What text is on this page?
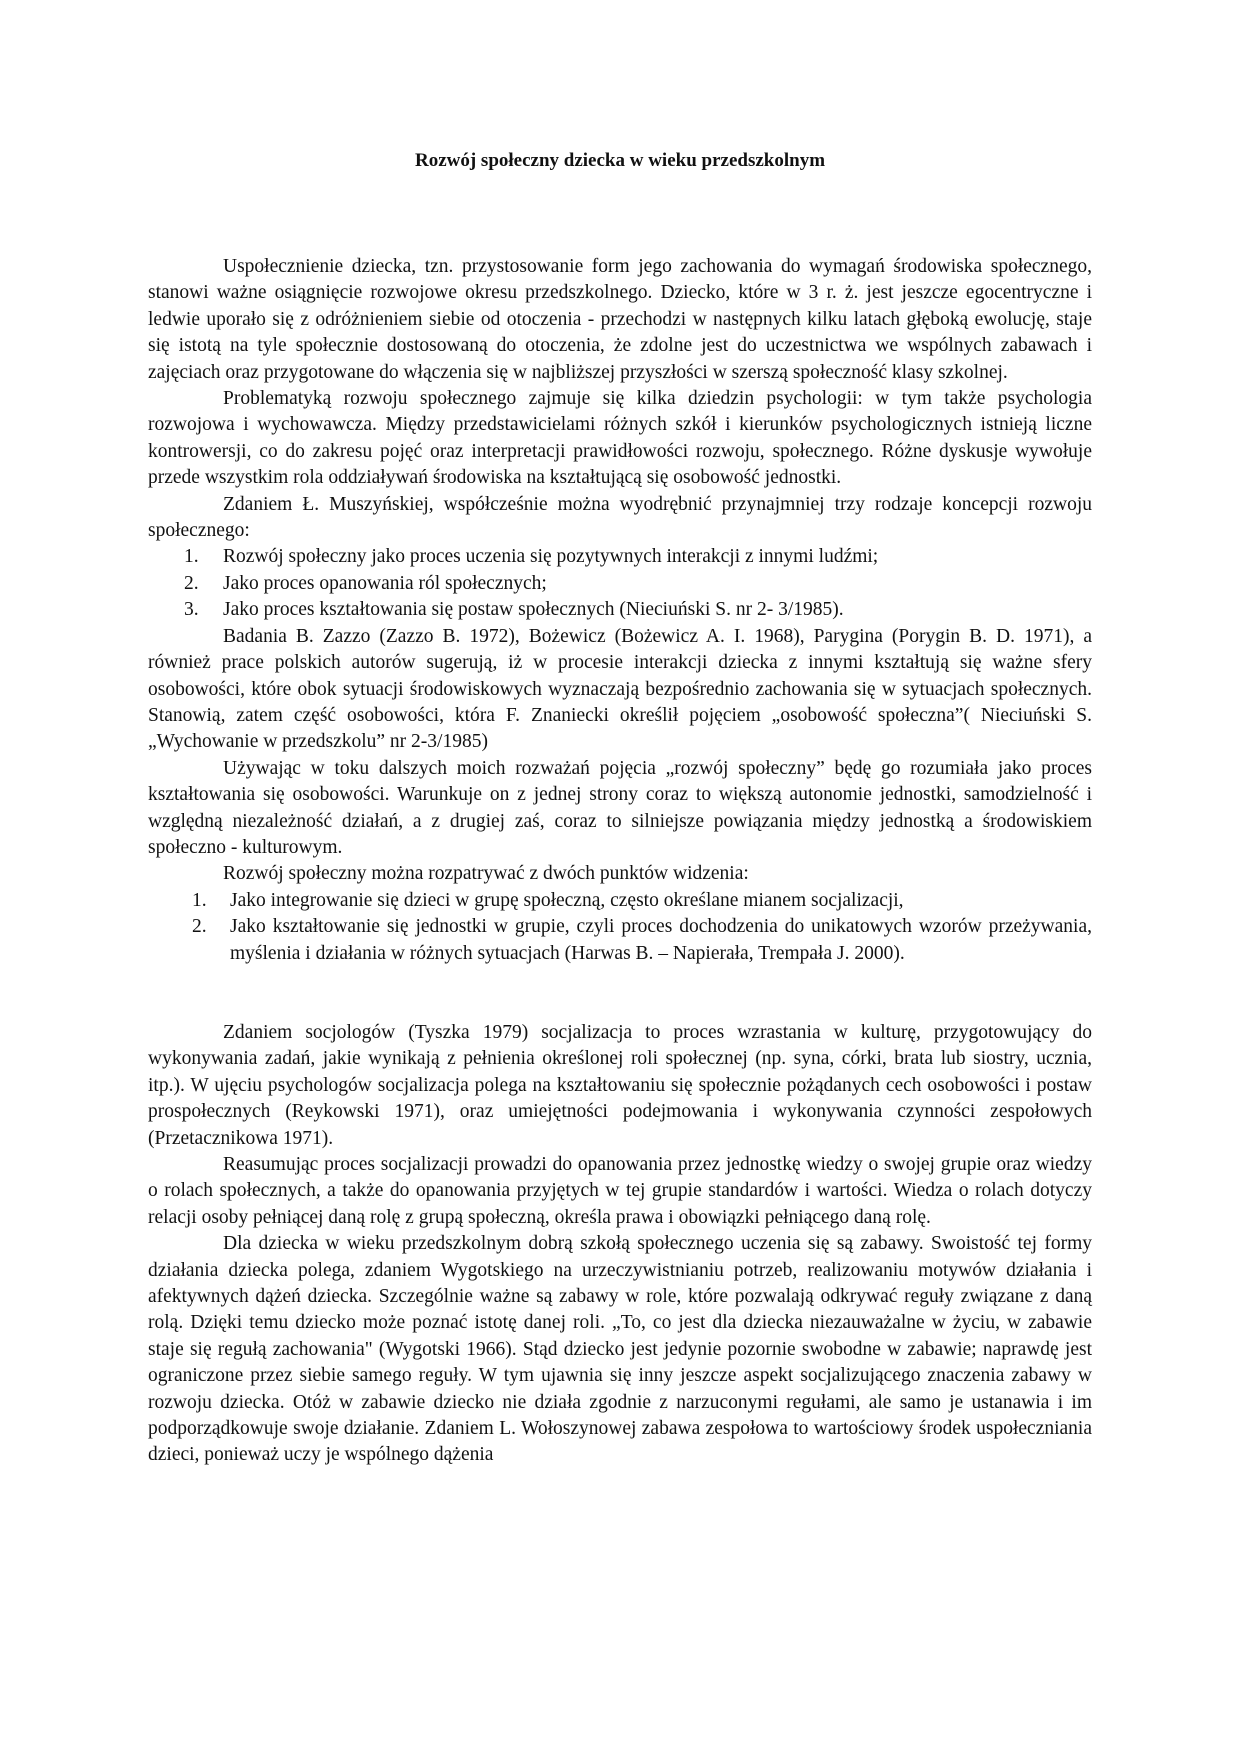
Rozwój społeczny dziecka w wieku przedszkolnym

Uspołecznienie dziecka, tzn. przystosowanie form jego zachowania do wymagań środowiska społecznego, stanowi ważne osiągnięcie rozwojowe okresu przedszkolnego. Dziecko, które w 3 r. ż. jest jeszcze egocentryczne i ledwie uporało się z odróżnieniem siebie od otoczenia - przechodzi w następnych kilku latach głęboką ewolucję, staje się istotą na tyle społecznie dostosowaną do otoczenia, że zdolne jest do uczestnictwa we wspólnych zabawach i zajęciach oraz przygotowane do włączenia się w najbliższej przyszłości w szerszą społeczność klasy szkolnej.

Problematyką rozwoju społecznego zajmuje się kilka dziedzin psychologii: w tym także psychologia rozwojowa i wychowawcza. Między przedstawicielami różnych szkół i kierunków psychologicznych istnieją liczne kontrowersji, co do zakresu pojęć oraz interpretacji prawidłowości rozwoju, społecznego. Różne dyskusje wywołuje przede wszystkim rola oddziaływań środowiska na kształtującą się osobowość jednostki.

Zdaniem Ł. Muszyńskiej, współcześnie można wyodrębnić przynajmniej trzy rodzaje koncepcji rozwoju społecznego:

1. Rozwój społeczny jako proces uczenia się pozytywnych interakcji z innymi ludźmi;
2. Jako proces opanowania ról społecznych;
3. Jako proces kształtowania się postaw społecznych (Nieciuński S. nr 2- 3/1985).

Badania B. Zazzo (Zazzo B. 1972), Bożewicz (Bożewicz A. I. 1968), Parygina (Porygin B. D. 1971), a również prace polskich autorów sugerują, iż w procesie interakcji dziecka z innymi kształtują się ważne sfery osobowości, które obok sytuacji środowiskowych wyznaczają bezpośrednio zachowania się w sytuacjach społecznych. Stanowią, zatem część osobowości, która F. Znaniecki określił pojęciem „osobowość społeczna”( Nieciuński S. „Wychowanie w przedszkolu” nr 2-3/1985)

Używając w toku dalszych moich rozważań pojęcia „rozwój społeczny” będę go rozumiała jako proces kształtowania się osobowości. Warunkuje on z jednej strony coraz to większą autonomie jednostki, samodzielność i względną niezależność działań, a z drugiej zaś, coraz to silniejsze powiązania między jednostką a środowiskiem społeczno - kulturowym.

Rozwój społeczny można rozpatrywać z dwóch punktów widzenia:

1. Jako integrowanie się dzieci w grupę społeczną, często określane mianem socjalizacji,
2. Jako kształtowanie się jednostki w grupie, czyli proces dochodzenia do unikatowych wzorów przeżywania, myślenia i działania w różnych sytuacjach (Harwas B. – Napierała, Trempała J. 2000).

Zdaniem socjologów (Tyszka 1979) socjalizacja to proces wzrastania w kulturę, przygotowujący do wykonywania zadań, jakie wynikają z pełnienia określonej roli społecznej (np. syna, córki, brata lub siostry, ucznia, itp.). W ujęciu psychologów socjalizacja polega na kształtowaniu się społecznie pożądanych cech osobowości i postaw prospołecznych (Reykowski 1971), oraz umiejętności podejmowania i wykonywania czynności zespołowych (Przetacznikowa 1971).

Reasumując proces socjalizacji prowadzi do opanowania przez jednostkę wiedzy o swojej grupie oraz wiedzy o rolach społecznych, a także do opanowania przyjętych w tej grupie standardów i wartości. Wiedza o rolach dotyczy relacji osoby pełniącej daną rolę z grupą społeczną, określa prawa i obowiązki pełniącego daną rolę.

Dla dziecka w wieku przedszkolnym dobrą szkołą społecznego uczenia się są zabawy. Swoistość tej formy działania dziecka polega, zdaniem Wygotskiego na urzeczywistnianiu potrzeb, realizowaniu motywów działania i afektywnych dążeń dziecka. Szczególnie ważne są zabawy w role, które pozwalają odkrywać reguły związane z daną rolą. Dzięki temu dziecko może poznać istotę danej roli. „To, co jest dla dziecka niezauważalne w życiu, w zabawie staje się regułą zachowania" (Wygotski 1966). Stąd dziecko jest jedynie pozornie swobodne w zabawie; naprawdę jest ograniczone przez siebie samego reguły. W tym ujawnia się inny jeszcze aspekt socjalizującego znaczenia zabawy w rozwoju dziecka. Otóż w zabawie dziecko nie działa zgodnie z narzuconymi regułami, ale samo je ustanawia i im podporządkowuje swoje działanie. Zdaniem L. Wołoszynowej zabawa zespołowa to wartościowy środek uspołeczniania dzieci, ponieważ uczy je wspólnego dążenia
